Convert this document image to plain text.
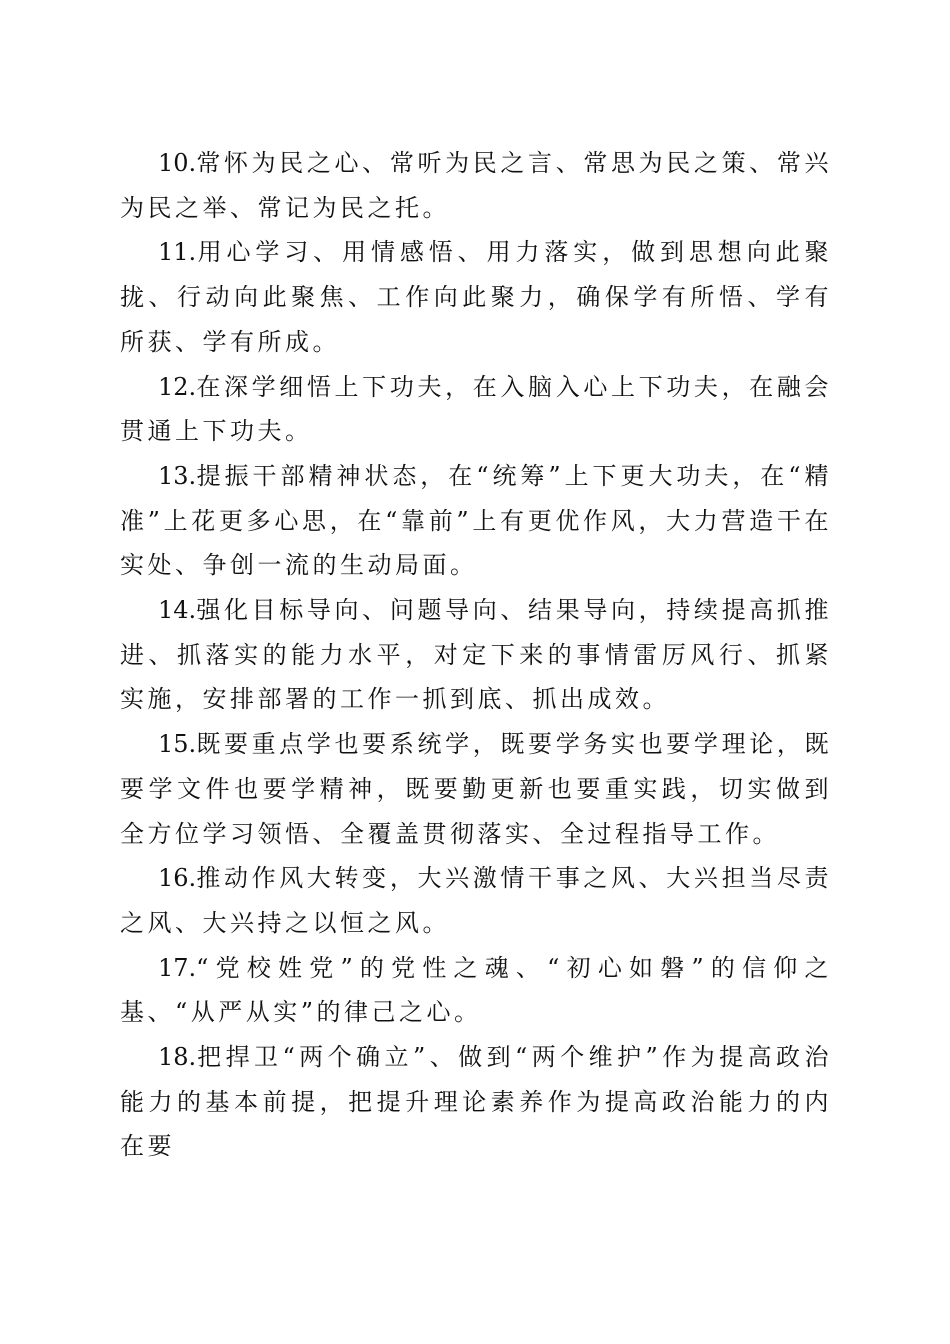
10.常怀为民之心、常听为民之言、常思为民之策、常兴为民之举、常记为民之托。

11.用心学习、用情感悟、用力落实，做到思想向此聚拢、行动向此聚焦、工作向此聚力，确保学有所悟、学有所获、学有所成。

12.在深学细悟上下功夫，在入脑入心上下功夫，在融会贯通上下功夫。

13.提振干部精神状态，在“统筹”上下更大功夫，在“精准”上花更多心思，在“靠前”上有更优作风，大力营造干在实处、争创一流的生动局面。

14.强化目标导向、问题导向、结果导向，持续提高抓推进、抓落实的能力水平，对定下来的事情雷厉风行、抓紧实施，安排部署的工作一抓到底、抓出成效。

15.既要重点学也要系统学，既要学务实也要学理论，既要学文件也要学精神，既要勤更新也要重实践，切实做到全方位学习领悟、全覆盖贯彻落实、全过程指导工作。

16.推动作风大转变，大兴激情干事之风、大兴担当尽责之风、大兴持之以恒之风。

17.“党校姓党”的党性之魂、“初心如磐”的信仰之基、“从严从实”的律己之心。

18.把捍卫“两个确立”、做到“两个维护”作为提高政治能力的基本前提，把提升理论素养作为提高政治能力的内在要
